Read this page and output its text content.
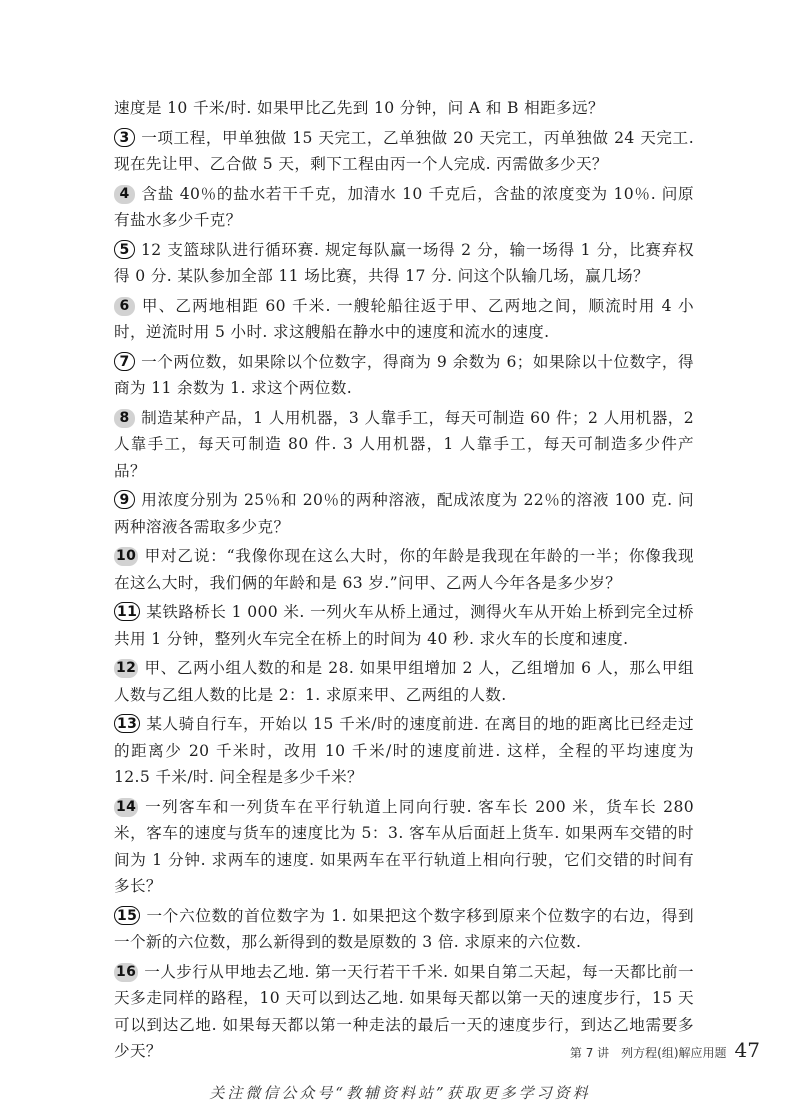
速度是 10 千米/时. 如果甲比乙先到 10 分钟，问 A 和 B 相距多远？

3 一项工程，甲单独做 15 天完工，乙单独做 20 天完工，丙单独做 24 天完工. 现在先让甲、乙合做 5 天，剩下工程由丙一个人完成. 丙需做多少天？

4 含盐 40％的盐水若干千克，加清水 10 千克后，含盐的浓度变为 10％. 问原有盐水多少千克？

5 12 支篮球队进行循环赛. 规定每队赢一场得 2 分，输一场得 1 分，比赛弃权得 0 分. 某队参加全部 11 场比赛，共得 17 分. 问这个队输几场，赢几场？

6 甲、乙两地相距 60 千米. 一艘轮船往返于甲、乙两地之间，顺流时用 4 小时，逆流时用 5 小时. 求这艘船在静水中的速度和流水的速度.

7 一个两位数，如果除以个位数字，得商为 9 余数为 6；如果除以十位数字，得商为 11 余数为 1. 求这个两位数.

8 制造某种产品，1 人用机器，3 人靠手工，每天可制造 60 件；2 人用机器，2 人靠手工，每天可制造 80 件. 3 人用机器，1 人靠手工，每天可制造多少件产品？

9 用浓度分别为 25％和 20％的两种溶液，配成浓度为 22％的溶液 100 克. 问两种溶液各需取多少克？

10 甲对乙说：“我像你现在这么大时，你的年龄是我现在年龄的一半；你像我现在这么大时，我们俩的年龄和是 63 岁.”问甲、乙两人今年各是多少岁？

11 某铁路桥长 1 000 米. 一列火车从桥上通过，测得火车从开始上桥到完全过桥共用 1 分钟，整列火车完全在桥上的时间为 40 秒. 求火车的长度和速度.

12 甲、乙两小组人数的和是 28. 如果甲组增加 2 人，乙组增加 6 人，那么甲组人数与乙组人数的比是 2：1. 求原来甲、乙两组的人数.

13 某人骑自行车，开始以 15 千米/时的速度前进. 在离目的地的距离比已经走过的距离少 20 千米时，改用 10 千米/时的速度前进. 这样，全程的平均速度为 12.5 千米/时. 问全程是多少千米？

14 一列客车和一列货车在平行轨道上同向行驶. 客车长 200 米，货车长 280 米，客车的速度与货车的速度比为 5：3. 客车从后面赶上货车. 如果两车交错的时间为 1 分钟. 求两车的速度. 如果两车在平行轨道上相向行驶，它们交错的时间有多长？

15 一个六位数的首位数字为 1. 如果把这个数字移到原来个位数字的右边，得到一个新的六位数，那么新得到的数是原数的 3 倍. 求原来的六位数.

16 一人步行从甲地去乙地. 第一天行若干千米. 如果自第二天起，每一天都比前一天多走同样的路程，10 天可以到达乙地. 如果每天都以第一天的速度步行，15 天可以到达乙地. 如果每天都以第一种走法的最后一天的速度步行，到达乙地需要多少天？	第 7 讲　列方程(组)解应用题 47
关注微信公众号“教辅资料站”获取更多学习资料
